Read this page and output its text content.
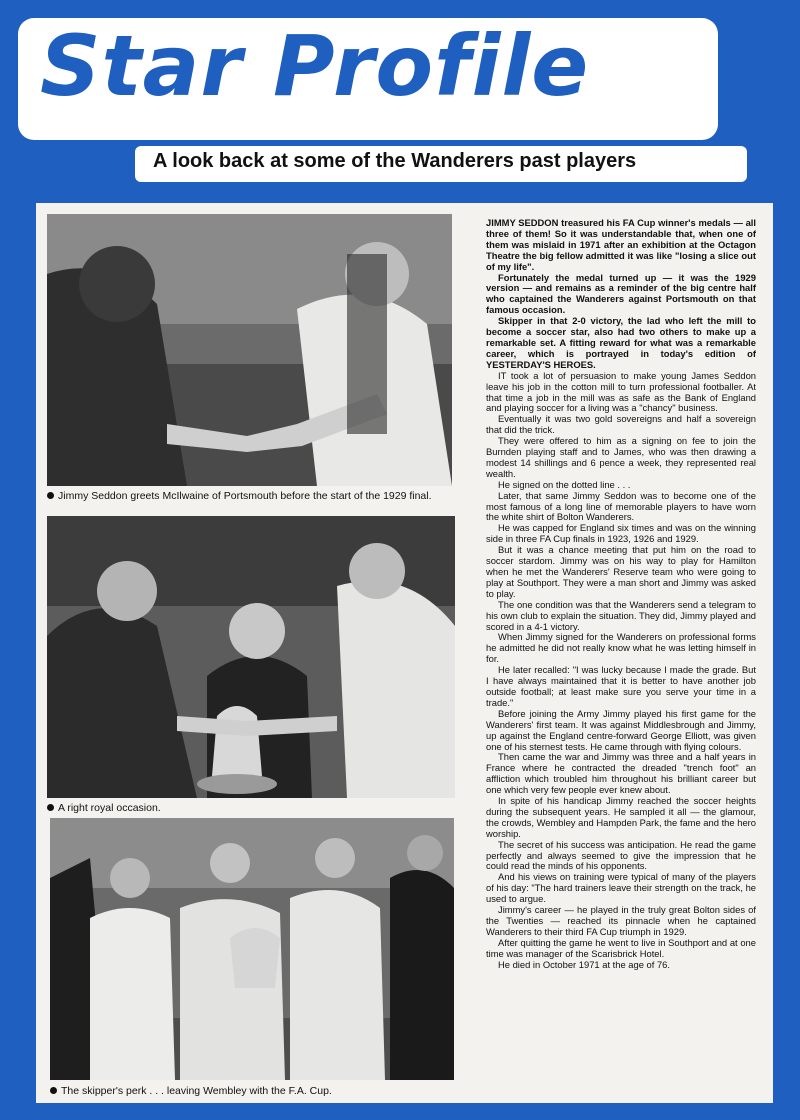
Star Profile
A look back at some of the Wanderers past players
Jimmy Seddon greets McIlwaine of Portsmouth before the start of the 1929 final.
A right royal occasion.
The skipper's perk . . . leaving Wembley with the F.A. Cup.

JIMMY SEDDON treasured his FA Cup winner's medals — all three of them! So it was understandable that, when one of them was mislaid in 1971 after an exhibition at the Octagon Theatre the big fellow admitted it was like "losing a slice out of my life".

Fortunately the medal turned up — it was the 1929 version — and remains as a reminder of the big centre half who captained the Wanderers against Portsmouth on that famous occasion.

Skipper in that 2-0 victory, the lad who left the mill to become a soccer star, also had two others to make up a remarkable set. A fitting reward for what was a remarkable career, which is portrayed in today's edition of YESTERDAY'S HEROES.

IT took a lot of persuasion to make young James Seddon leave his job in the cotton mill to turn professional footballer. At that time a job in the mill was as safe as the Bank of England and playing soccer for a living was a "chancy" business.

Eventually it was two gold sovereigns and half a sovereign that did the trick.

They were offered to him as a signing on fee to join the Burnden playing staff and to James, who was then drawing a modest 14 shillings and 6 pence a week, they represented real wealth.

He signed on the dotted line . . .

Later, that same Jimmy Seddon was to become one of the most famous of a long line of memorable players to have worn the white shirt of Bolton Wanderers.

He was capped for England six times and was on the winning side in three FA Cup finals in 1923, 1926 and 1929.

But it was a chance meeting that put him on the road to soccer stardom. Jimmy was on his way to play for Hamilton when he met the Wanderers' Reserve team who were going to play at Southport. They were a man short and Jimmy was asked to play.

The one condition was that the Wanderers send a telegram to his own club to explain the situation. They did, Jimmy played and scored in a 4-1 victory.

When Jimmy signed for the Wanderers on professional forms he admitted he did not really know what he was letting himself in for.

He later recalled: "I was lucky because I made the grade. But I have always maintained that it is better to have another job outside football; at least make sure you serve your time in a trade."

Before joining the Army Jimmy played his first game for the Wanderers' first team. It was against Middlesbrough and Jimmy, up against the England centre-forward George Elliott, was given one of his sternest tests. He came through with flying colours.

Then came the war and Jimmy was three and a half years in France where he contracted the dreaded "trench foot" an affliction which troubled him throughout his brilliant career but one which very few people ever knew about.

In spite of his handicap Jimmy reached the soccer heights during the subsequent years. He sampled it all — the glamour, the crowds, Wembley and Hampden Park, the fame and the hero worship.

The secret of his success was anticipation. He read the game perfectly and always seemed to give the impression that he could read the minds of his opponents.

And his views on training were typical of many of the players of his day: "The hard trainers leave their strength on the track, he used to argue.

Jimmy's career — he played in the truly great Bolton sides of the Twenties — reached its pinnacle when he captained Wanderers to their third FA Cup triumph in 1929.

After quitting the game he went to live in Southport and at one time was manager of the Scarisbrick Hotel.

He died in October 1971 at the age of 76.
